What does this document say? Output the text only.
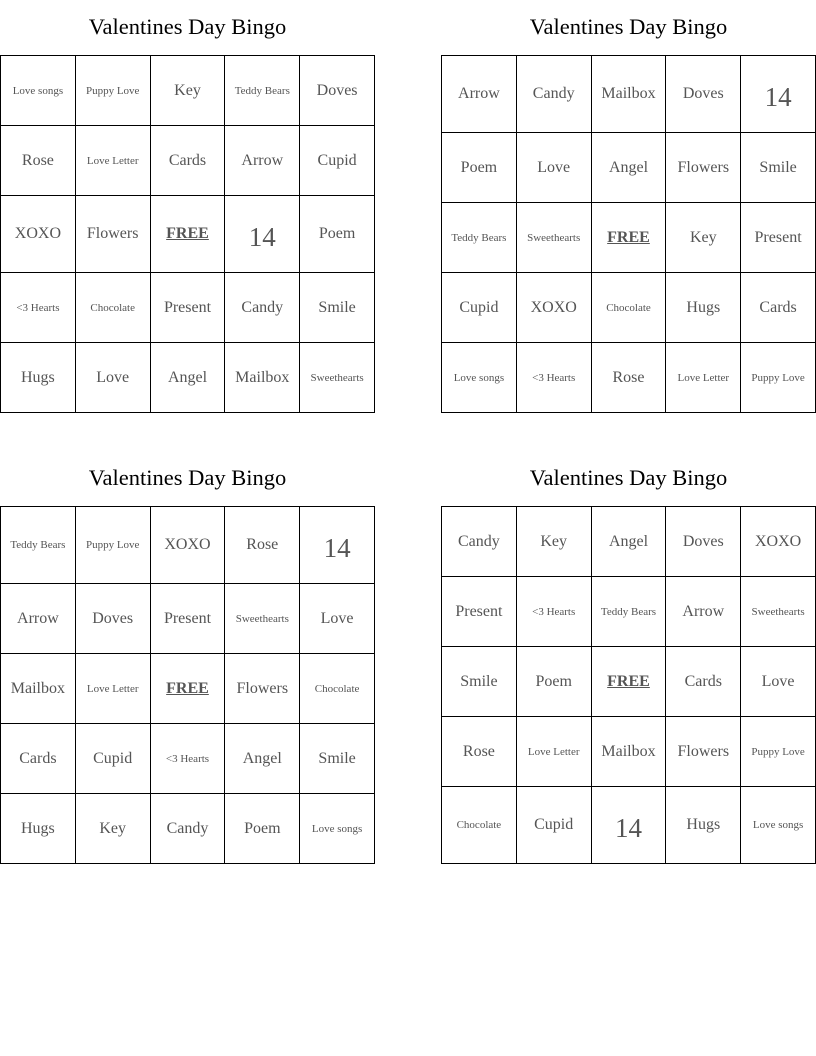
Valentines Day Bingo
Love songs	Puppy Love	Key	Teddy Bears	Doves
Rose	Love Letter	Cards	Arrow	Cupid
XOXO	Flowers	FREE	14	Poem
<3 Hearts	Chocolate	Present	Candy	Smile
Hugs	Love	Angel	Mailbox	Sweethearts
Valentines Day Bingo
Arrow	Candy	Mailbox	Doves	14
Poem	Love	Angel	Flowers	Smile
Teddy Bears	Sweethearts	FREE	Key	Present
Cupid	XOXO	Chocolate	Hugs	Cards
Love songs	<3 Hearts	Rose	Love Letter	Puppy Love
Valentines Day Bingo
Teddy Bears	Puppy Love	XOXO	Rose	14
Arrow	Doves	Present	Sweethearts	Love
Mailbox	Love Letter	FREE	Flowers	Chocolate
Cards	Cupid	<3 Hearts	Angel	Smile
Hugs	Key	Candy	Poem	Love songs
Valentines Day Bingo
Candy	Key	Angel	Doves	XOXO
Present	<3 Hearts	Teddy Bears	Arrow	Sweethearts
Smile	Poem	FREE	Cards	Love
Rose	Love Letter	Mailbox	Flowers	Puppy Love
Chocolate	Cupid	14	Hugs	Love songs
